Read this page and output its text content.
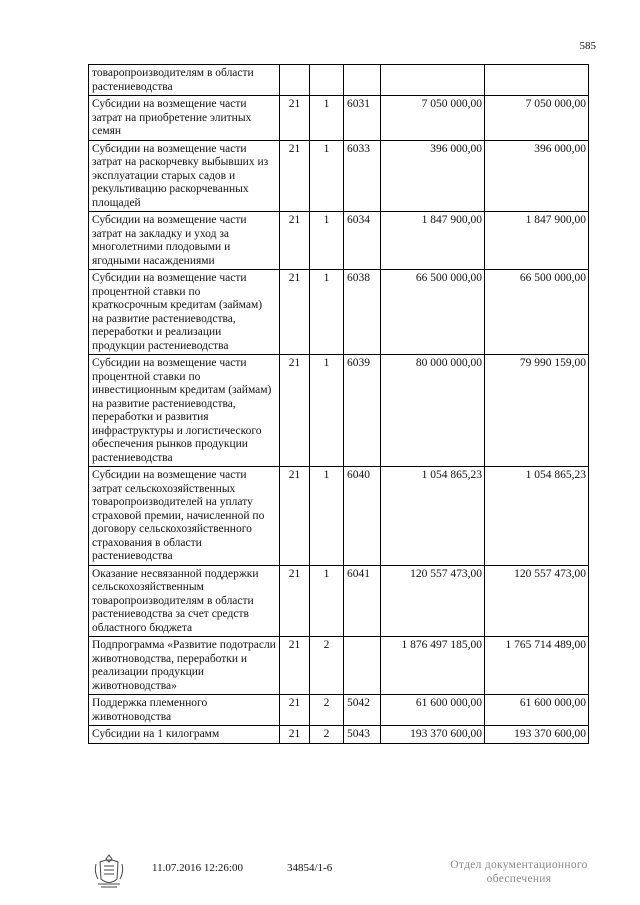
585
товаропроизводителям в области растениеводства					
Субсидии на возмещение части затрат на приобретение элитных семян	21	1	6031	7 050 000,00	7 050 000,00
Субсидии на возмещение части затрат на раскорчевку выбывших из эксплуатации старых садов и рекультивацию раскорчеванных площадей	21	1	6033	396 000,00	396 000,00
Субсидии на возмещение части затрат на закладку и уход за многолетними плодовыми и ягодными насаждениями	21	1	6034	1 847 900,00	1 847 900,00
Субсидии на возмещение части процентной ставки по краткосрочным кредитам (займам) на развитие растениеводства, переработки и реализации продукции растениеводства	21	1	6038	66 500 000,00	66 500 000,00
Субсидии на возмещение части процентной ставки по инвестиционным кредитам (займам) на развитие растениеводства, переработки и развития инфраструктуры и логистического обеспечения рынков продукции растениеводства	21	1	6039	80 000 000,00	79 990 159,00
Субсидии на возмещение части затрат сельскохозяйственных товаропроизводителей на уплату страховой премии, начисленной по договору сельскохозяйственного страхования в области растениеводства	21	1	6040	1 054 865,23	1 054 865,23
Оказание несвязанной поддержки сельскохозяйственным товаропроизводителям в области растениеводства за счет средств областного бюджета	21	1	6041	120 557 473,00	120 557 473,00
Подпрограмма «Развитие подотрасли животноводства, переработки и реализации продукции животноводства»	21	2		1 876 497 185,00	1 765 714 489,00
Поддержка племенного животноводства	21	2	5042	61 600 000,00	61 600 000,00
Субсидии на 1 килограмм	21	2	5043	193 370 600,00	193 370 600,00
11.07.2016 12:26:00	34854/1-6	Отдел документационного
обеспечения
